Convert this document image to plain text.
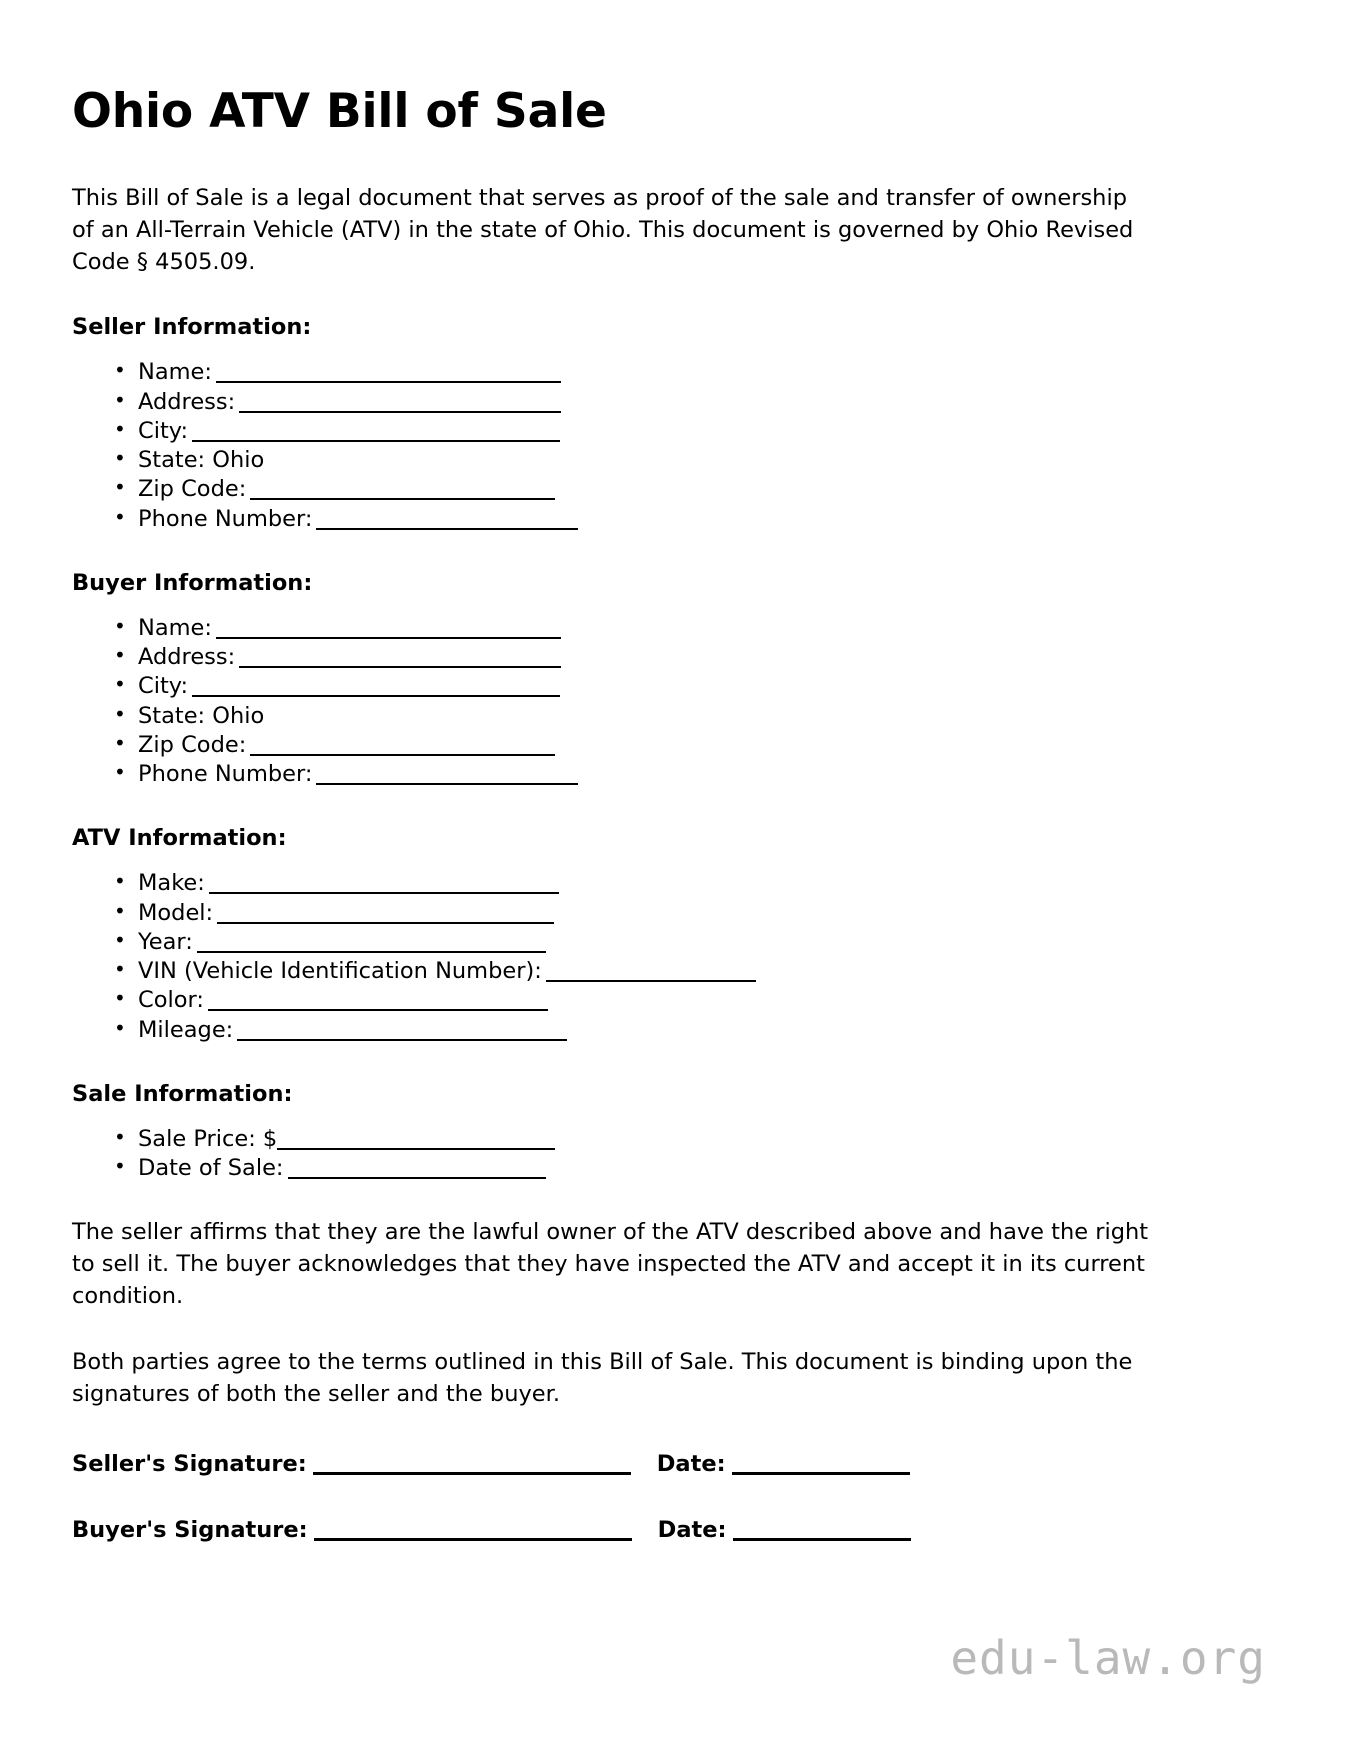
Ohio ATV Bill of Sale

This Bill of Sale is a legal document that serves as proof of the sale and transfer of ownership of an All-Terrain Vehicle (ATV) in the state of Ohio. This document is governed by Ohio Revised Code § 4505.09.

Seller Information:
• Name:
• Address:
• City:
• State: Ohio
• Zip Code:
• Phone Number:
Buyer Information:
• Name:
• Address:
• City:
• State: Ohio
• Zip Code:
• Phone Number:
ATV Information:
• Make:
• Model:
• Year:
• VIN (Vehicle Identification Number):
• Color:
• Mileage:
Sale Information:
• Sale Price: $
• Date of Sale:

The seller affirms that they are the lawful owner of the ATV described above and have the right to sell it. The buyer acknowledges that they have inspected the ATV and accept it in its current condition.

Both parties agree to the terms outlined in this Bill of Sale. This document is binding upon the signatures of both the seller and the buyer.

Seller's Signature:	Date:
Buyer's Signature:	Date:
edu-law.org
